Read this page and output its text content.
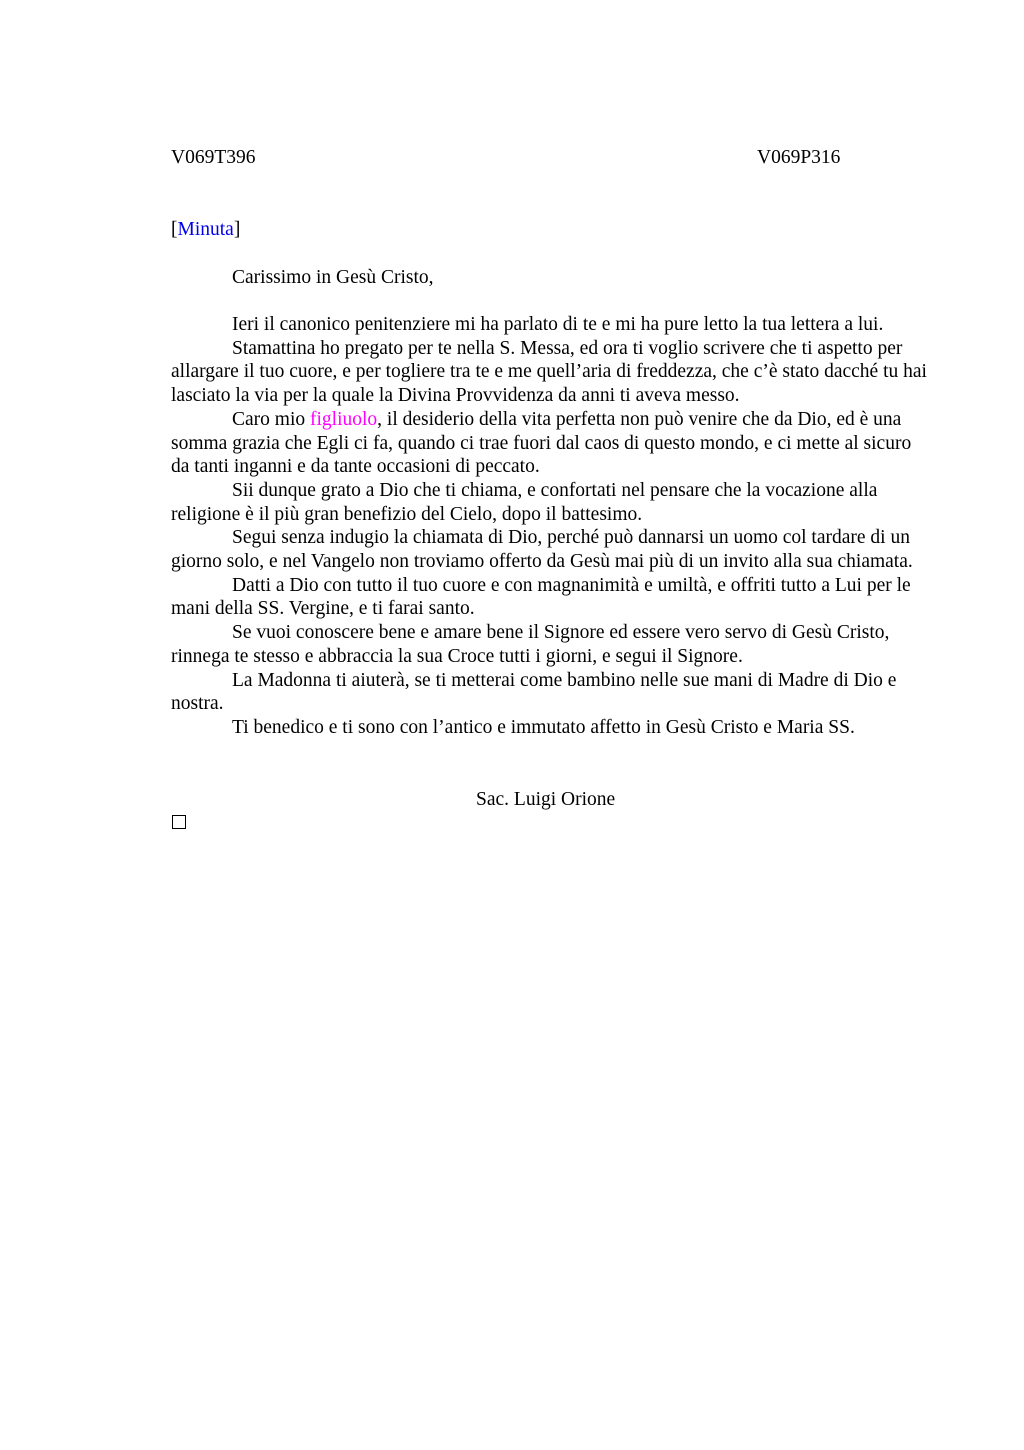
V069T396	V069P316
[Minuta]
Carissimo in Gesù Cristo,

Ieri il canonico penitenziere mi ha parlato di te e mi ha pure letto la tua lettera a lui.

Stamattina ho pregato per te nella S. Messa, ed ora ti voglio scrivere che ti aspetto per allargare il tuo cuore, e per togliere tra te e me quell’aria di freddezza, che c’è stato dacché tu hai lasciato la via per la quale la Divina Provvidenza da anni ti aveva messo.

Caro mio figliuolo, il desiderio della vita perfetta non può venire che da Dio, ed è una somma grazia che Egli ci fa, quando ci trae fuori dal caos di questo mondo, e ci mette al sicuro da tanti inganni e da tante occasioni di peccato.

Sii dunque grato a Dio che ti chiama, e confortati nel pensare che la vocazione alla religione è il più gran benefizio del Cielo, dopo il battesimo.

Segui senza indugio la chiamata di Dio, perché può dannarsi un uomo col tardare di un giorno solo, e nel Vangelo non troviamo offerto da Gesù mai più di un invito alla sua chiamata.

Datti a Dio con tutto il tuo cuore e con magnanimità e umiltà, e offriti tutto a Lui per le mani della SS. Vergine, e ti farai santo.

Se vuoi conoscere bene e amare bene il Signore ed essere vero servo di Gesù Cristo, rinnega te stesso e abbraccia la sua Croce tutti i giorni, e segui il Signore.

La Madonna ti aiuterà, se ti metterai come bambino nelle sue mani di Madre di Dio e nostra.

Ti benedico e ti sono con l’antico e immutato affetto in Gesù Cristo e Maria SS.

Sac. Luigi Orione
